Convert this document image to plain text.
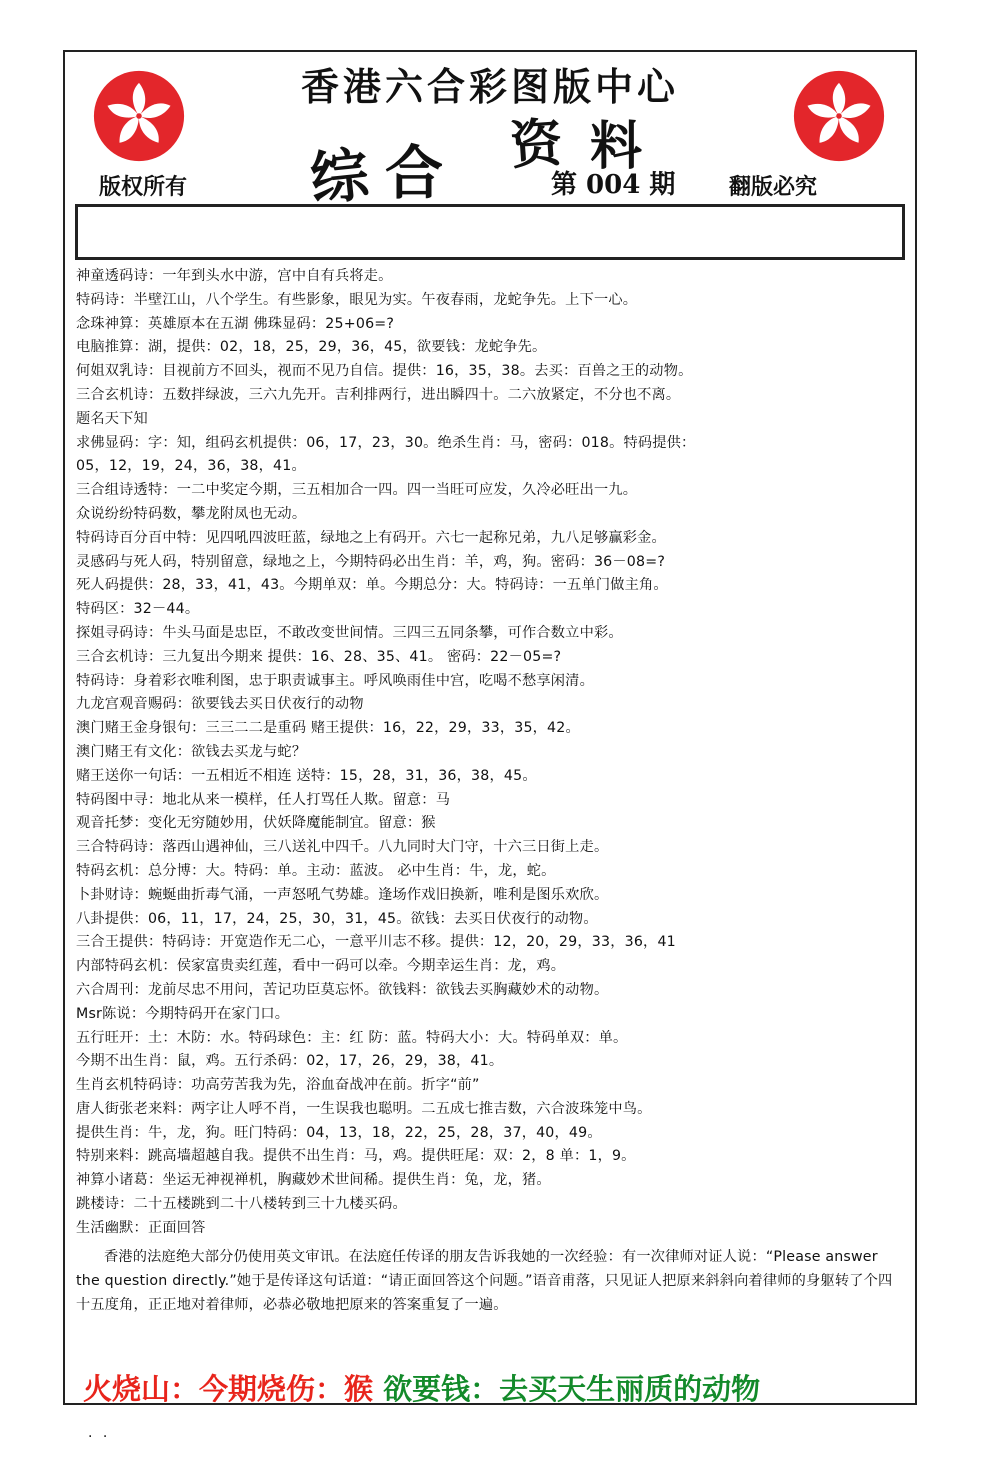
香港六合彩图版中心
综 合 资 料
第 004 期
版权所有	翻版必究
神童透码诗：一年到头水中游，宫中自有兵将走。
特码诗：半壁江山，八个学生。有些影象，眼见为实。午夜春雨，龙蛇争先。上下一心。
念珠神算：英雄原本在五湖 佛珠显码：25+06=?
电脑推算：湖，提供：02，18，25，29，36，45，欲要钱：龙蛇争先。
何姐双乳诗：目视前方不回头，视而不见乃自信。提供：16，35，38。去买：百兽之王的动物。
三合玄机诗：五数拌绿波，三六九先开。吉利排两行，进出瞬四十。二六放紧定，不分也不离。
题名天下知
求佛显码：字：知，组码玄机提供：06，17，23，30。绝杀生肖：马，密码：018。特码提供：
05，12，19，24，36，38，41。
三合组诗透特：一二中奖定今期，三五相加合一四。四一当旺可应发，久冷必旺出一九。
众说纷纷特码数，攀龙附凤也无动。
特码诗百分百中特：见四吼四波旺蓝，绿地之上有码开。六七一起称兄弟，九八足够赢彩金。
灵感码与死人码，特别留意，绿地之上，今期特码必出生肖：羊，鸡，狗。密码：36－08=?
死人码提供：28，33，41，43。今期单双：单。今期总分：大。特码诗：一五单门做主角。
特码区：32－44。
探姐寻码诗：牛头马面是忠臣，不敢改变世间情。三四三五同条攀，可作合数立中彩。
三合玄机诗：三九复出今期来 提供：16、28、35、41。 密码：22－05=?
特码诗：身着彩衣唯利图，忠于职责诚事主。呼风唤雨佳中宫，吃喝不愁享闲清。
九龙宫观音赐码：欲要钱去买日伏夜行的动物
澳门赌王金身银句：三三二二是重码 赌王提供：16，22，29，33，35，42。
澳门赌王有文化：欲钱去买龙与蛇？
赌王送你一句话：一五相近不相连 送特：15，28，31，36，38，45。
特码图中寻：地北从来一模样，任人打骂任人欺。留意：马
观音托梦：变化无穷随妙用，伏妖降魔能制宜。留意：猴
三合特码诗：落西山遇神仙，三八送礼中四千。八九同时大门守，十六三日街上走。
特码玄机：总分博：大。特码：单。主动：蓝波。 必中生肖：牛，龙，蛇。
卜卦财诗：蜿蜒曲折毒气涌，一声怒吼气势雄。逢场作戏旧换新，唯利是图乐欢欣。
八卦提供：06，11，17，24，25，30，31，45。欲钱：去买日伏夜行的动物。
三合王提供：特码诗：开宽造作无二心，一意平川志不移。提供：12，20，29，33，36，41
内部特码玄机：侯家富贵卖红莲，看中一码可以牵。今期幸运生肖：龙，鸡。
六合周刊：龙前尽忠不用问，苦记功臣莫忘怀。欲钱料：欲钱去买胸藏妙术的动物。
Msr陈说：今期特码开在家门口。
五行旺开：土：木防：水。特码球色：主：红 防：蓝。特码大小：大。特码单双：单。
今期不出生肖：鼠，鸡。五行杀码：02，17，26，29，38，41。
生肖玄机特码诗：功高劳苦我为先，浴血奋战冲在前。折字“前”
唐人街张老来料：两字让人呼不肖，一生误我也聪明。二五成七推吉数，六合波珠笼中鸟。
提供生肖：牛，龙，狗。旺门特码：04，13，18，22，25，28，37，40，49。
特别来料：跳高墙超越自我。提供不出生肖：马，鸡。提供旺尾：双：2，8 单：1，9。
神算小诸葛：坐运无神视禅机，胸藏妙术世间稀。提供生肖：兔，龙，猪。
跳楼诗：二十五楼跳到二十八楼转到三十九楼买码。
生活幽默：正面回答
香港的法庭绝大部分仍使用英文审讯。在法庭任传译的朋友告诉我她的一次经验：有一次律师对证人说：“Please answer the question directly.”她于是传译这句话道：“请正面回答这个问题。”语音甫落，只见证人把原来斜斜向着律师的身躯转了个四十五度角，正正地对着律师，必恭必敬地把原来的答案重复了一遍。
火烧山：今期烧伤：猴 欲要钱：去买天生丽质的动物
. .
